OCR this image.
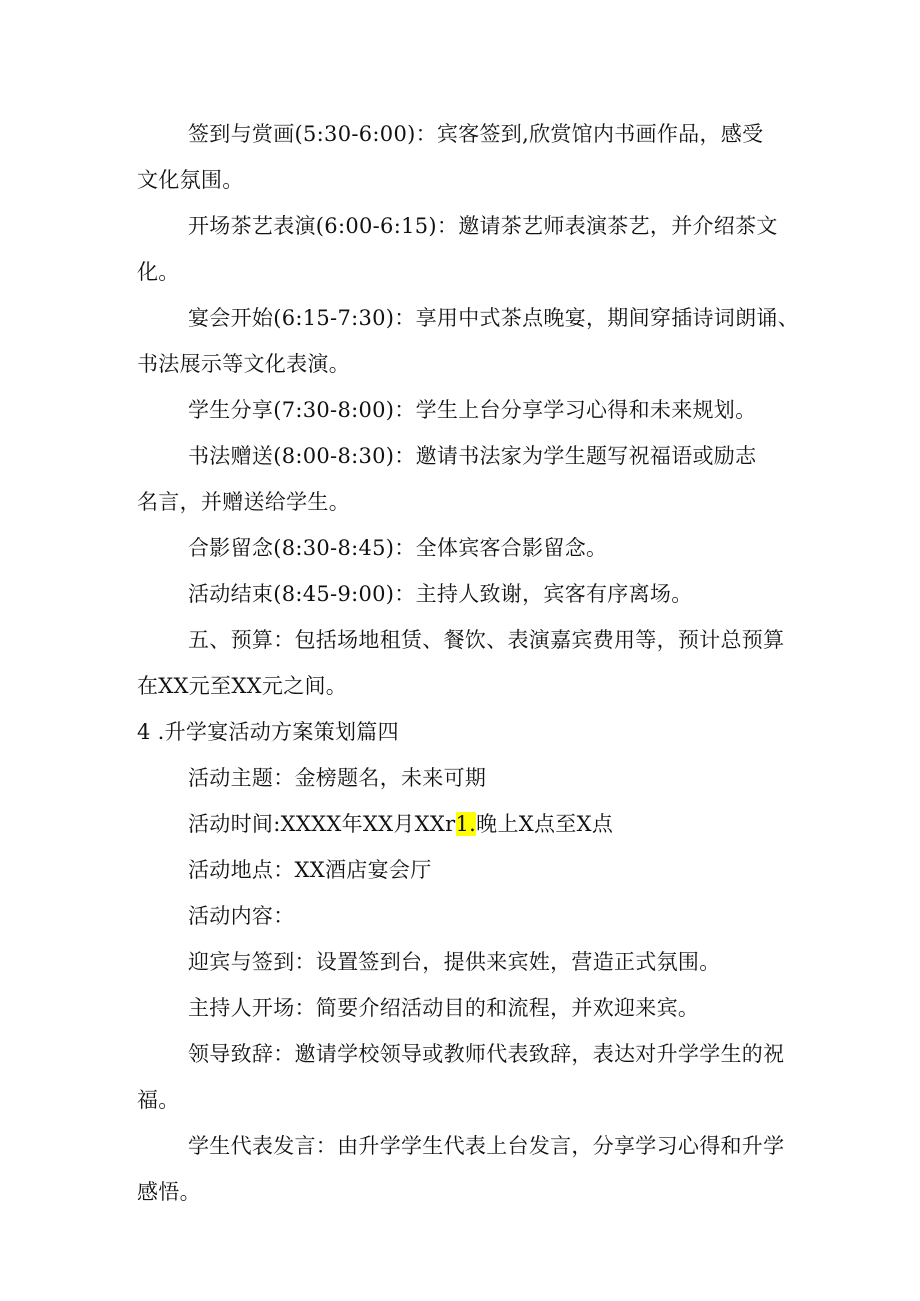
签到与赏画(5:30-6:00)：宾客签到,欣赏馆内书画作品，感受
文化氛围。
开场茶艺表演(6:00-6:15)：邀请茶艺师表演茶艺，并介绍茶文
化。
宴会开始(6:15-7:30)：享用中式茶点晚宴，期间穿插诗词朗诵、
书法展示等文化表演。
学生分享(7:30-8:00)：学生上台分享学习心得和未来规划。
书法赠送(8:00-8:30)：邀请书法家为学生题写祝福语或励志
名言，并赠送给学生。
合影留念(8:30-8:45)：全体宾客合影留念。
活动结束(8:45-9:00)：主持人致谢，宾客有序离场。
五、预算：包括场地租赁、餐饮、表演嘉宾费用等，预计总预算
在XX元至XX元之间。
4 .升学宴活动方案策划篇四
活动主题：金榜题名，未来可期
活动时间:XXXX年XX月XXr1.晚上X点至X点
活动地点：XX酒店宴会厅
活动内容：
迎宾与签到：设置签到台，提供来宾姓，营造正式氛围。
主持人开场：简要介绍活动目的和流程，并欢迎来宾。
领导致辞：邀请学校领导或教师代表致辞，表达对升学学生的祝
福。
学生代表发言：由升学学生代表上台发言，分享学习心得和升学
感悟。
